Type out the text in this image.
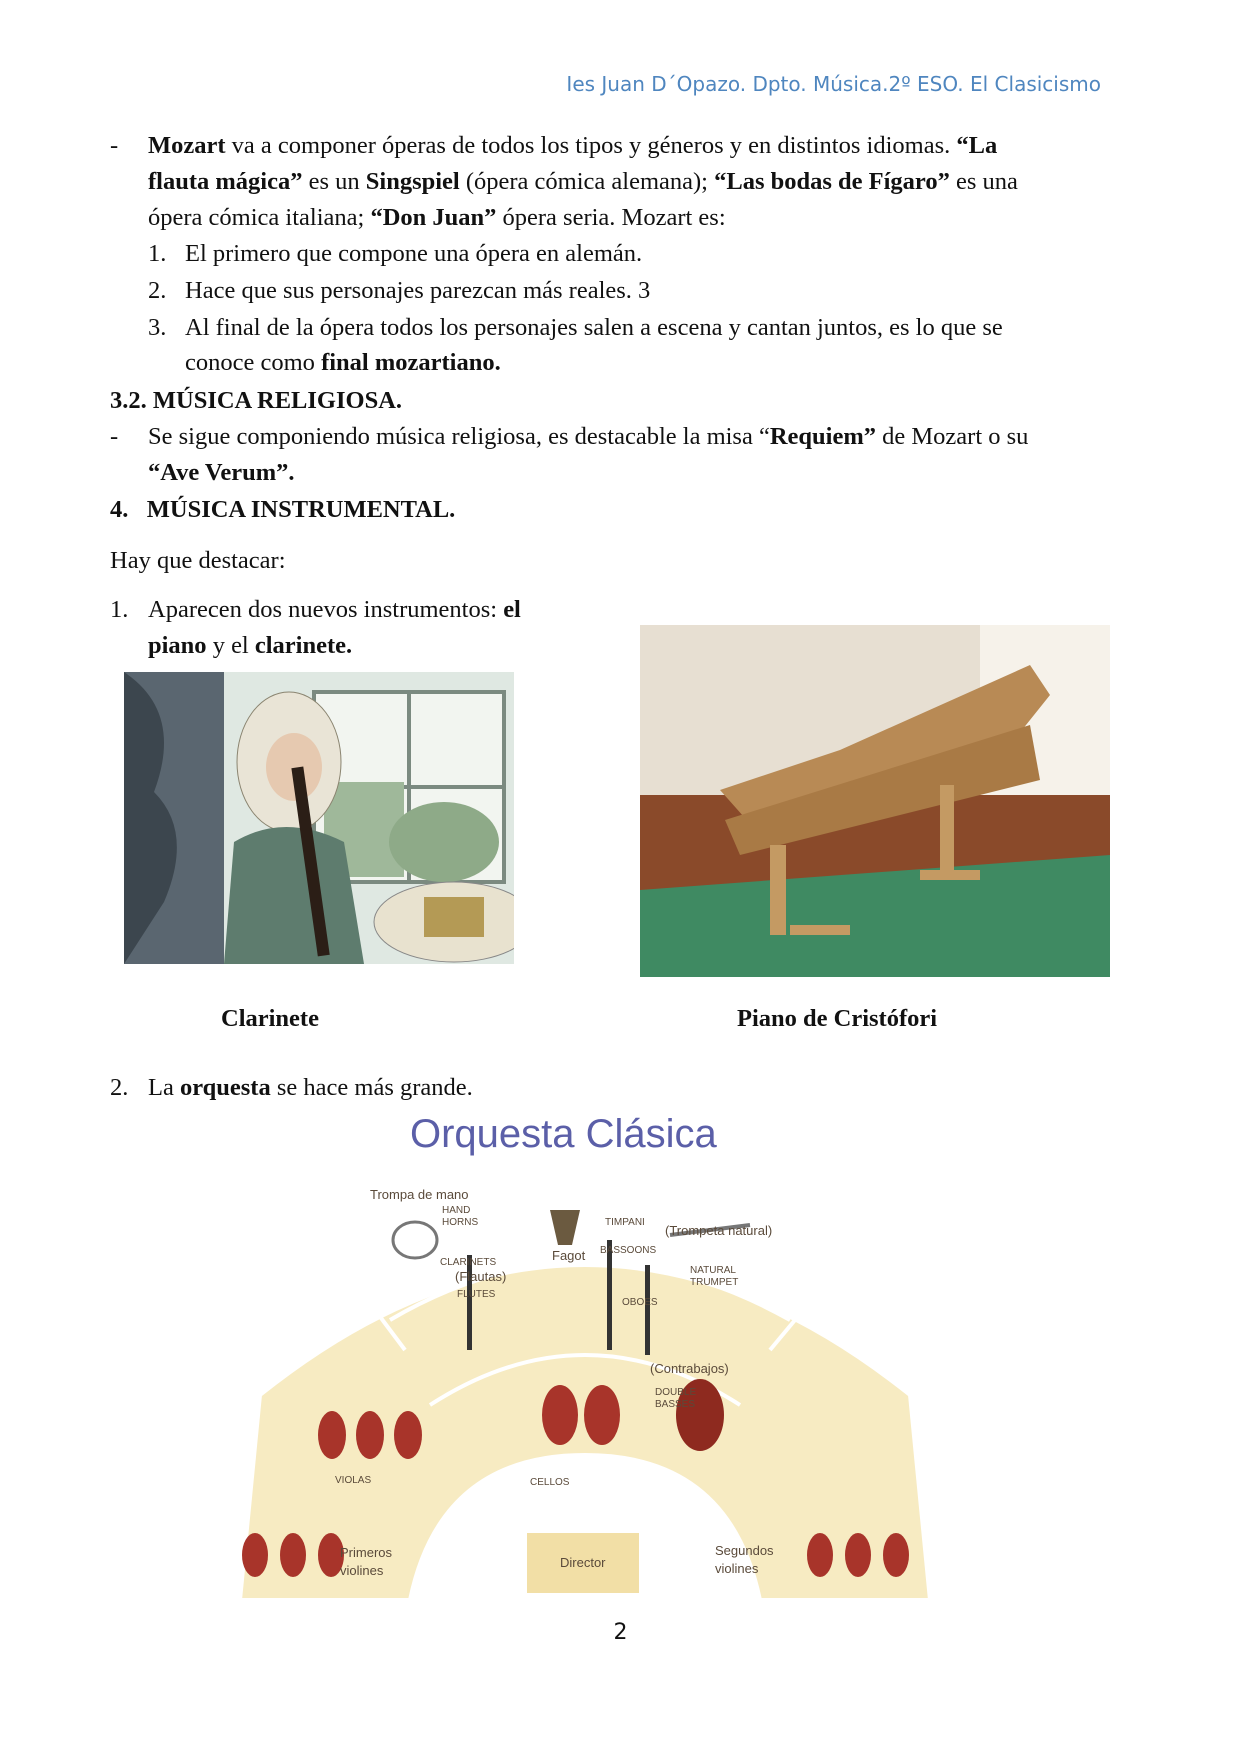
Ies Juan D´Opazo. Dpto. Música.2º ESO. El Clasicismo
- Mozart va a componer óperas de todos los tipos y géneros y en distintos idiomas. “La
flauta mágica” es un Singspiel (ópera cómica alemana); “Las bodas de Fígaro” es una
ópera cómica italiana; “Don Juan” ópera seria. Mozart es:
1. El primero que compone una ópera en alemán.
2. Hace que sus personajes parezcan más reales. 3
3. Al final de la ópera todos los personajes salen a escena y cantan juntos, es lo que se
conoce como final mozartiano.
3.2. MÚSICA RELIGIOSA.
- Se sigue componiendo música religiosa, es destacable la misa “Requiem” de Mozart o su
“Ave Verum”.
4.   MÚSICA INSTRUMENTAL.
Hay que destacar:
1. Aparecen dos nuevos instrumentos: el
piano y el clarinete.
Clarinete	Piano de Cristófori
2. La orquesta se hace más grande.
Orquesta Clásica
Trompa de mano
HAND
HORNS	TIMPANI
(Trompeta natural)
NATURAL
TRUMPET
CLARINETS
(Flautas)
FLUTES
Fagot BASSOONS
OBOES
(Contrabajos)
DOUBLE
BASSES
VIOLAS	CELLOS
Primeros
violines
Director
Segundos
violines
2
